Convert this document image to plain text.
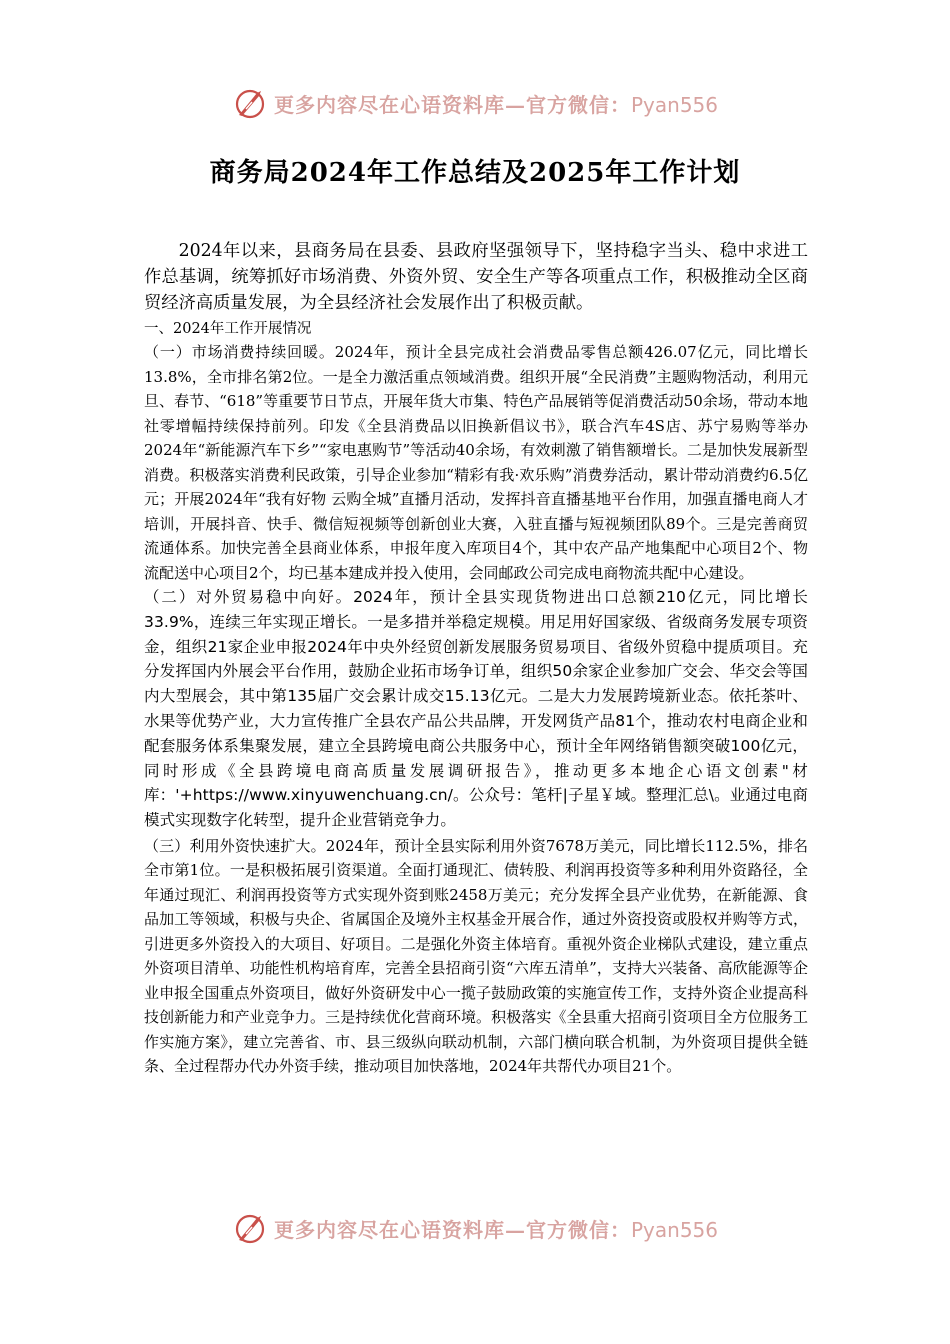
更多内容尽在心语资料库—官方微信：Pyan556
商务局2024年工作总结及2025年工作计划

2024年以来，县商务局在县委、县政府坚强领导下，坚持稳字当头、稳中求进工作总基调，统筹抓好市场消费、外资外贸、安全生产等各项重点工作，积极推动全区商贸经济高质量发展，为全县经济社会发展作出了积极贡献。

一、2024年工作开展情况

（一）市场消费持续回暖。2024年，预计全县完成社会消费品零售总额426.07亿元，同比增长13.8%，全市排名第2位。一是全力激活重点领域消费。组织开展“全民消费”主题购物活动，利用元旦、春节、“618”等重要节日节点，开展年货大市集、特色产品展销等促消费活动50余场，带动本地社零增幅持续保持前列。印发《全县消费品以旧换新倡议书》，联合汽车4S店、苏宁易购等举办2024年“新能源汽车下乡”“家电惠购节”等活动40余场，有效刺激了销售额增长。二是加快发展新型消费。积极落实消费利民政策，引导企业参加“精彩有我·欢乐购”消费券活动，累计带动消费约6.5亿元；开展2024年“我有好物 云购全城”直播月活动，发挥抖音直播基地平台作用，加强直播电商人才培训，开展抖音、快手、微信短视频等创新创业大赛，入驻直播与短视频团队89个。三是完善商贸流通体系。加快完善全县商业体系，申报年度入库项目4个，其中农产品产地集配中心项目2个、物流配送中心项目2个，均已基本建成并投入使用，会同邮政公司完成电商物流共配中心建设。

（二）对外贸易稳中向好。2024年，预计全县实现货物进出口总额210亿元，同比增长33.9%，连续三年实现正增长。一是多措并举稳定规模。用足用好国家级、省级商务发展专项资金，组织21家企业申报2024年中央外经贸创新发展服务贸易项目、省级外贸稳中提质项目。充分发挥国内外展会平台作用，鼓励企业拓市场争订单，组织50余家企业参加广交会、华交会等国内大型展会，其中第135届广交会累计成交15.13亿元。二是大力发展跨境新业态。依托茶叶、水果等优势产业，大力宣传推广全县农产品公共品牌，开发网货产品81个，推动农村电商企业和配套服务体系集聚发展，建立全县跨境电商公共服务中心，预计全年网络销售额突破100亿元，同时形成《全县跨境电商高质量发展调研报告》，推动更多本地企心语文创素"材库：'+https://www.xinyuwenchuang.cn/。公众号：笔杆|子星￥域。整理汇总\。业通过电商模式实现数字化转型，提升企业营销竞争力。

（三）利用外资快速扩大。2024年，预计全县实际利用外资7678万美元，同比增长112.5%，排名全市第1位。一是积极拓展引资渠道。全面打通现汇、债转股、利润再投资等多种利用外资路径，全年通过现汇、利润再投资等方式实现外资到账2458万美元；充分发挥全县产业优势，在新能源、食品加工等领域，积极与央企、省属国企及境外主权基金开展合作，通过外资投资或股权并购等方式，引进更多外资投入的大项目、好项目。二是强化外资主体培育。重视外资企业梯队式建设，建立重点外资项目清单、功能性机构培育库，完善全县招商引资“六库五清单”，支持大兴装备、高欣能源等企业申报全国重点外资项目，做好外资研发中心一揽子鼓励政策的实施宣传工作，支持外资企业提高科技创新能力和产业竞争力。三是持续优化营商环境。积极落实《全县重大招商引资项目全方位服务工作实施方案》，建立完善省、市、县三级纵向联动机制，六部门横向联合机制，为外资项目提供全链条、全过程帮办代办外资手续，推动项目加快落地，2024年共帮代办项目21个。

更多内容尽在心语资料库—官方微信：Pyan556
